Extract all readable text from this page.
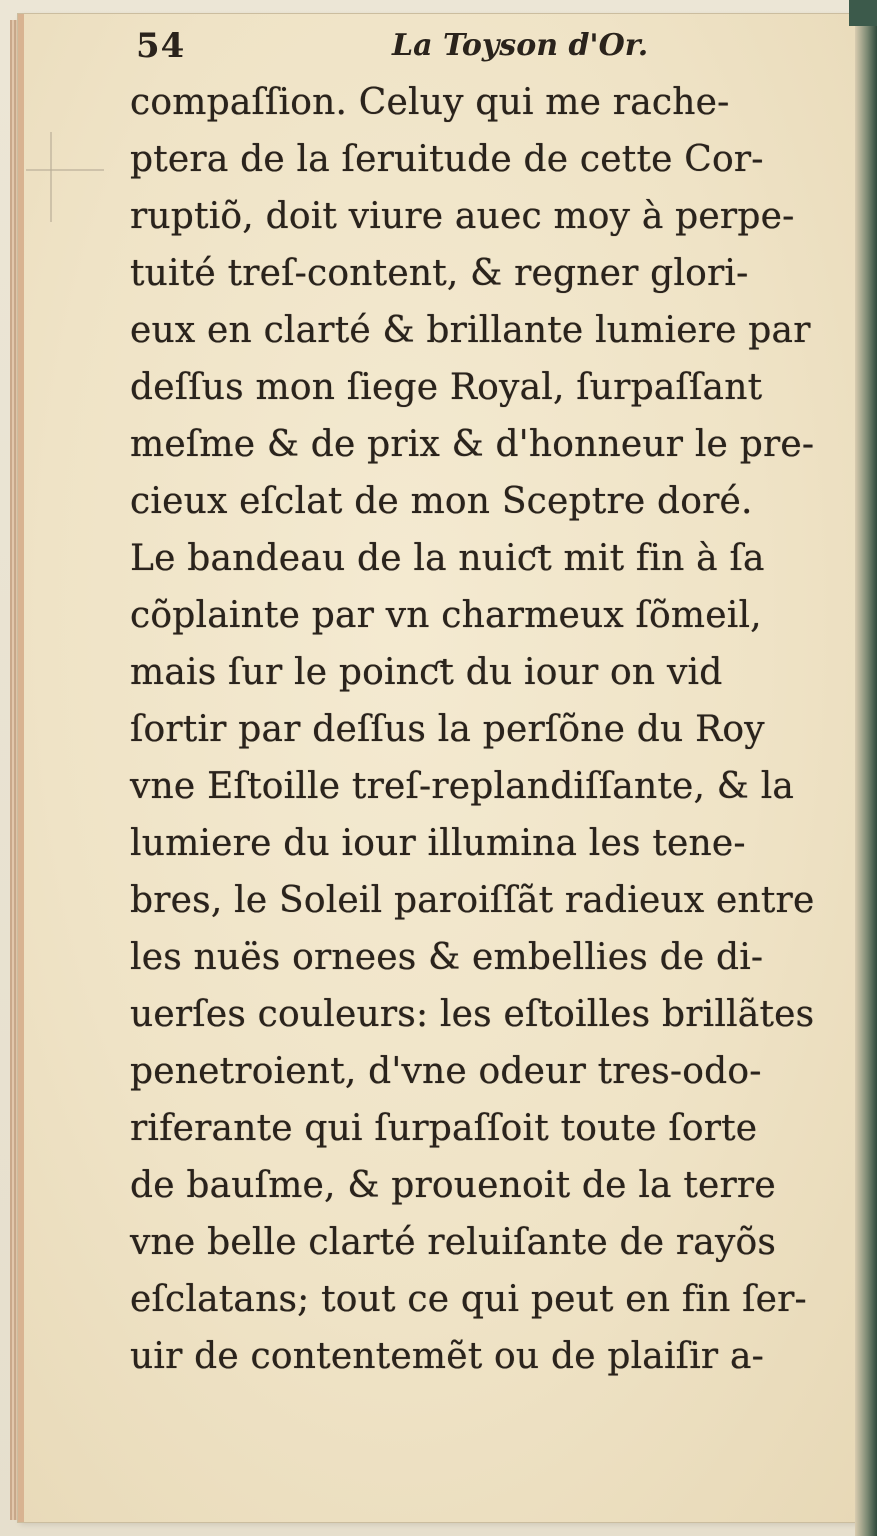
54	La Toyson d'Or.
compaſſion. Celuy qui me rache-
ptera de la ſeruitude de cette Cor-
ruptiõ, doit viure auec moy à perpe-
tuité treſ-content, & regner glori-
eux en clarté & brillante lumiere par
deſſus mon ſiege Royal, ſurpaſſant
meſme & de prix & d'honneur le pre-
cieux eſclat de mon Sceptre doré.
Le bandeau de la nuiƈt mit fin à ſa
cõplainte par vn charmeux ſõmeil,
mais ſur le poinƈt du iour on vid
ſortir par deſſus la perſõne du Roy
vne Eſtoille treſ-replandiſſante, & la
lumiere du iour illumina les tene-
bres, le Soleil paroiſſãt radieux entre
les nuës ornees & embellies de di-
uerſes couleurs: les eſtoilles brillãtes
penetroient, d'vne odeur tres-odo-
riferante qui ſurpaſſoit toute ſorte
de bauſme, & prouenoit de la terre
vne belle clarté reluiſante de rayõs
eſclatans; tout ce qui peut en fin ſer-
uir de contentemẽt ou de plaiſir a-
